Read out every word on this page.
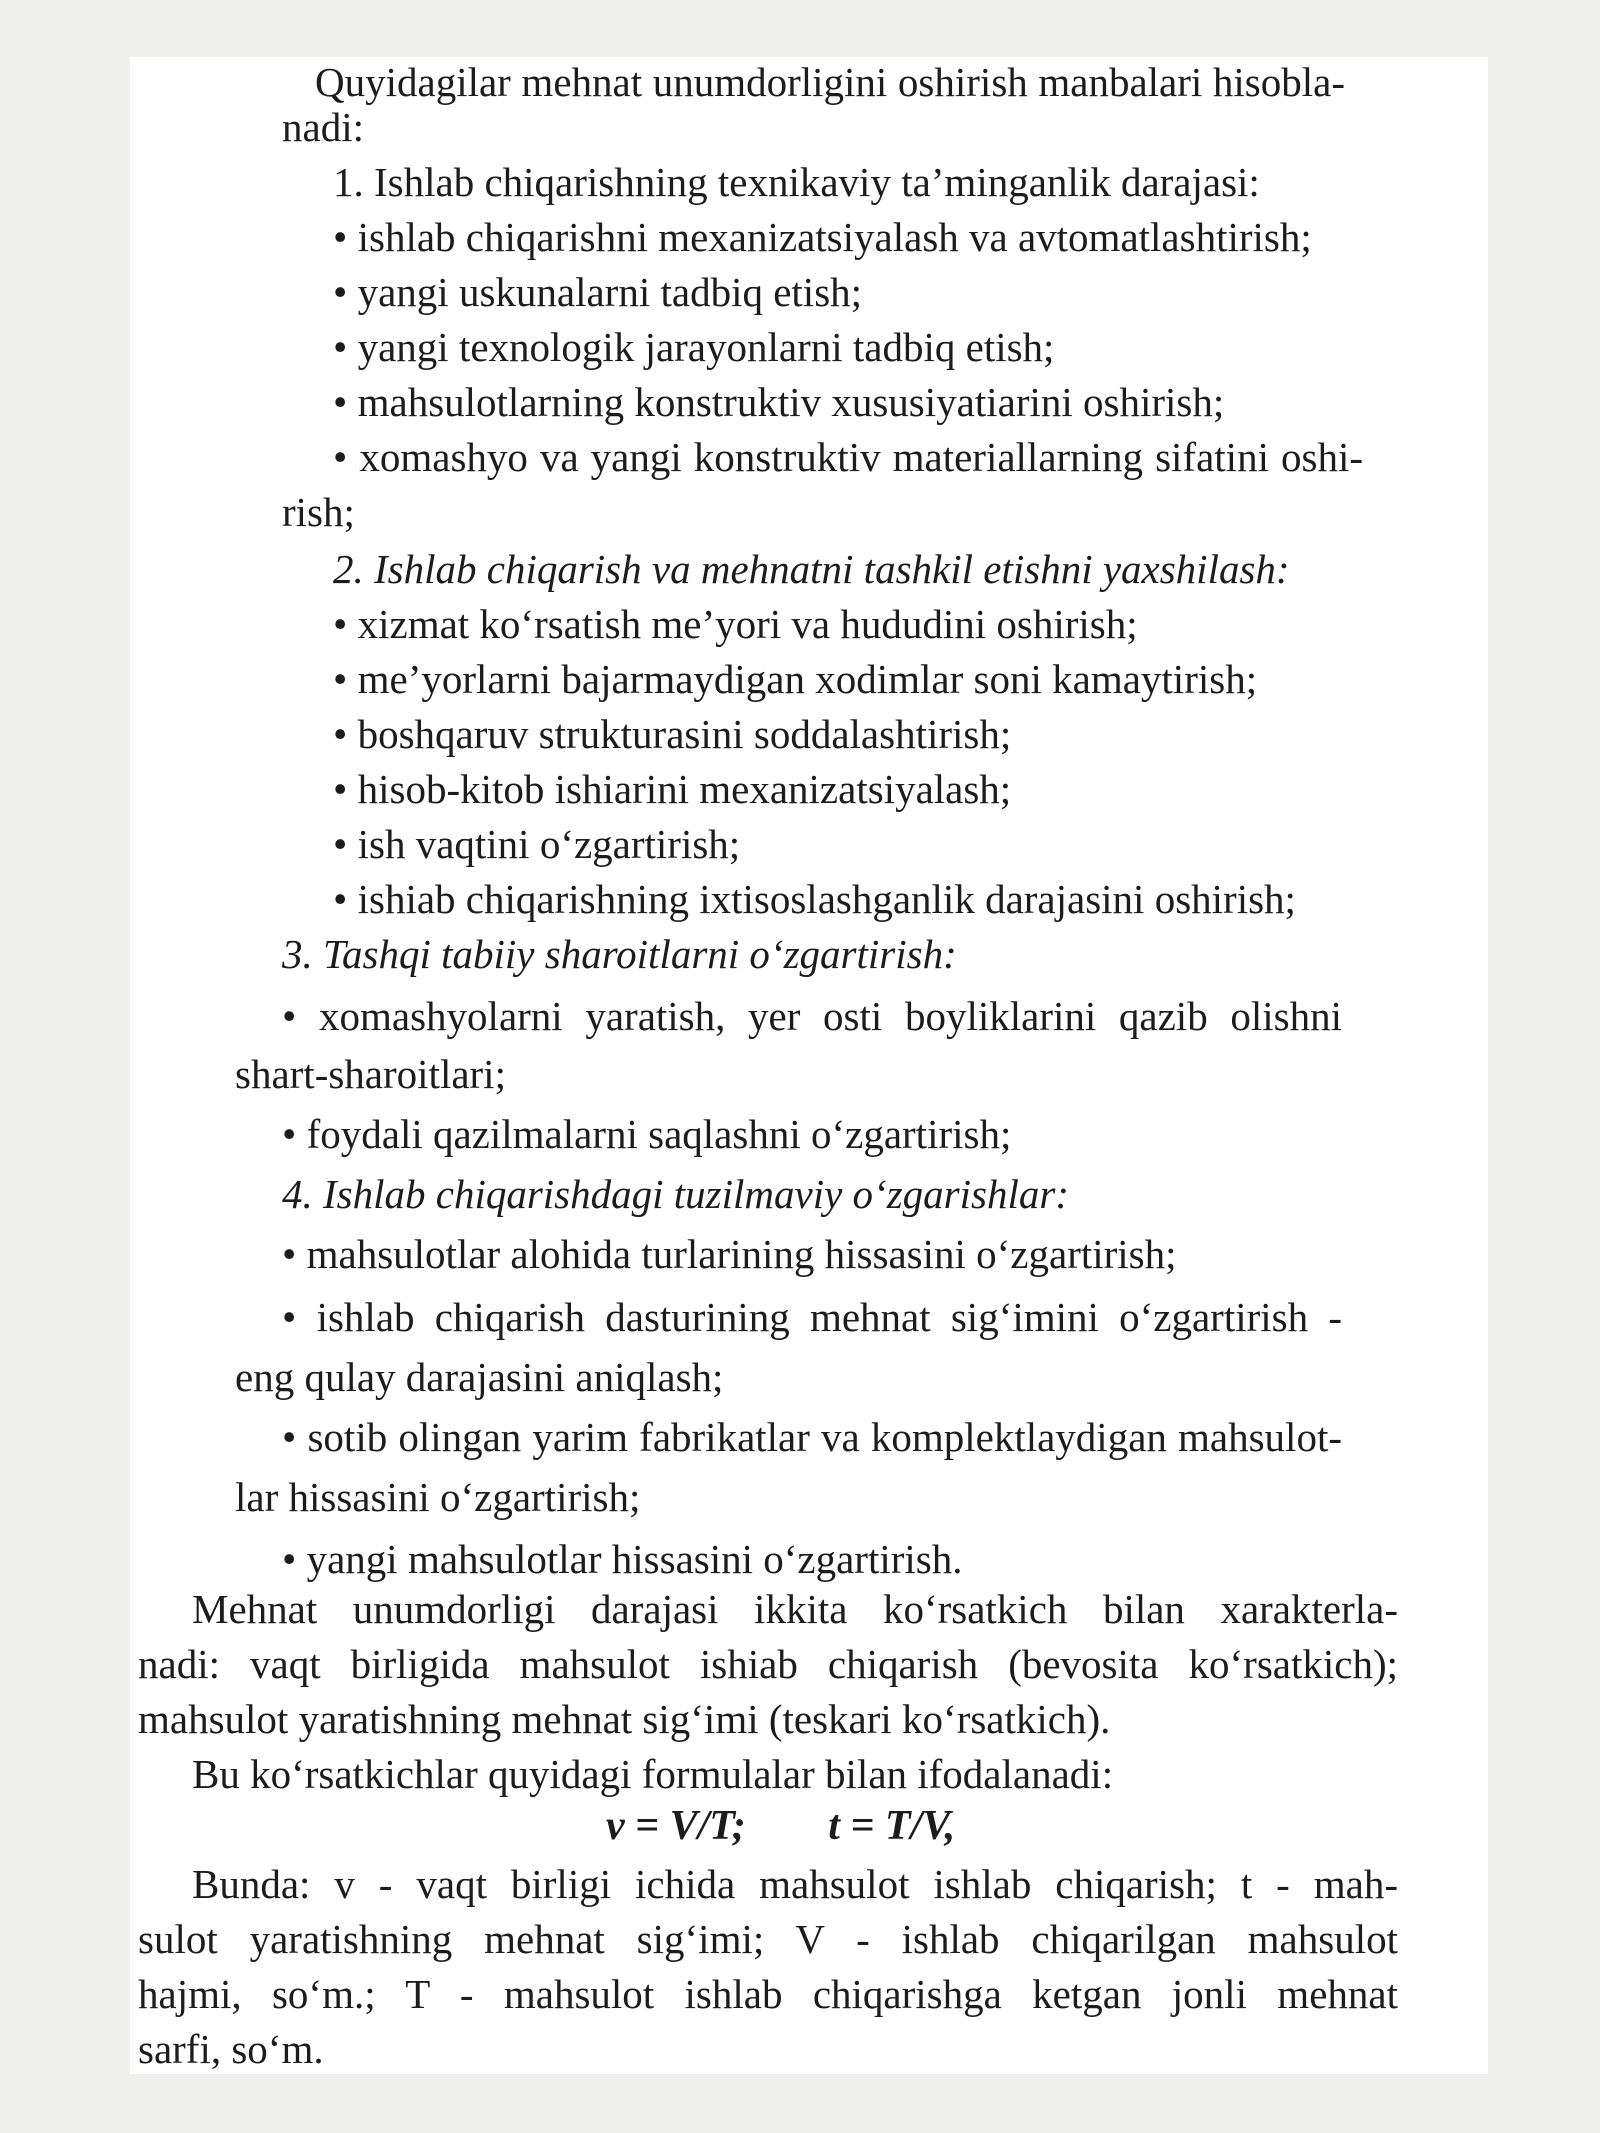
Quyidagilar mehnat unumdorligini oshirish manbalari hisobla-

nadi:

1. Ishlab chiqarishning texnikaviy ta’minganlik darajasi:

• ishlab chiqarishni mexanizatsiyalash va avtomatlashtirish;

• yangi uskunalarni tadbiq etish;

• yangi texnologik jarayonlarni tadbiq etish;

• mahsulotlarning konstruktiv xususiyatiarini oshirish;

• xomashyo va yangi konstruktiv materiallarning sifatini oshi-

rish;

2. Ishlab chiqarish va mehnatni tashkil etishni yaxshilash:

• xizmat ko‘rsatish me’yori va hududini oshirish;

• me’yorlarni bajarmaydigan xodimlar soni kamaytirish;

• boshqaruv strukturasini soddalashtirish;

• hisob-kitob ishiarini mexanizatsiyalash;

• ish vaqtini o‘zgartirish;

• ishiab chiqarishning ixtisoslashganlik darajasini oshirish;

3. Tashqi tabiiy sharoitlarni o‘zgartirish:

• xomashyolarni yaratish, yer osti boyliklarini qazib olishni

shart-sharoitlari;

• foydali qazilmalarni saqlashni o‘zgartirish;

4. Ishlab chiqarishdagi tuzilmaviy o‘zgarishlar:

• mahsulotlar alohida turlarining hissasini o‘zgartirish;

• ishlab chiqarish dasturining mehnat sig‘imini o‘zgartirish -

eng qulay darajasini aniqlash;

• sotib olingan yarim fabrikatlar va komplektlaydigan mahsulot-

lar hissasini o‘zgartirish;

• yangi mahsulotlar hissasini o‘zgartirish.

Mehnat unumdorligi darajasi ikkita ko‘rsatkich bilan xarakterla-

nadi: vaqt birligida mahsulot ishiab chiqarish (bevosita ko‘rsatkich);

mahsulot yaratishning mehnat sig‘imi (teskari ko‘rsatkich).

Bu ko‘rsatkichlar quyidagi formulalar bilan ifodalanadi:

v = V/T; t = T/V,

Bunda: v - vaqt birligi ichida mahsulot ishlab chiqarish; t - mah-

sulot yaratishning mehnat sig‘imi; V - ishlab chiqarilgan mahsulot

hajmi, so‘m.; T - mahsulot ishlab chiqarishga ketgan jonli mehnat

sarfi, so‘m.
